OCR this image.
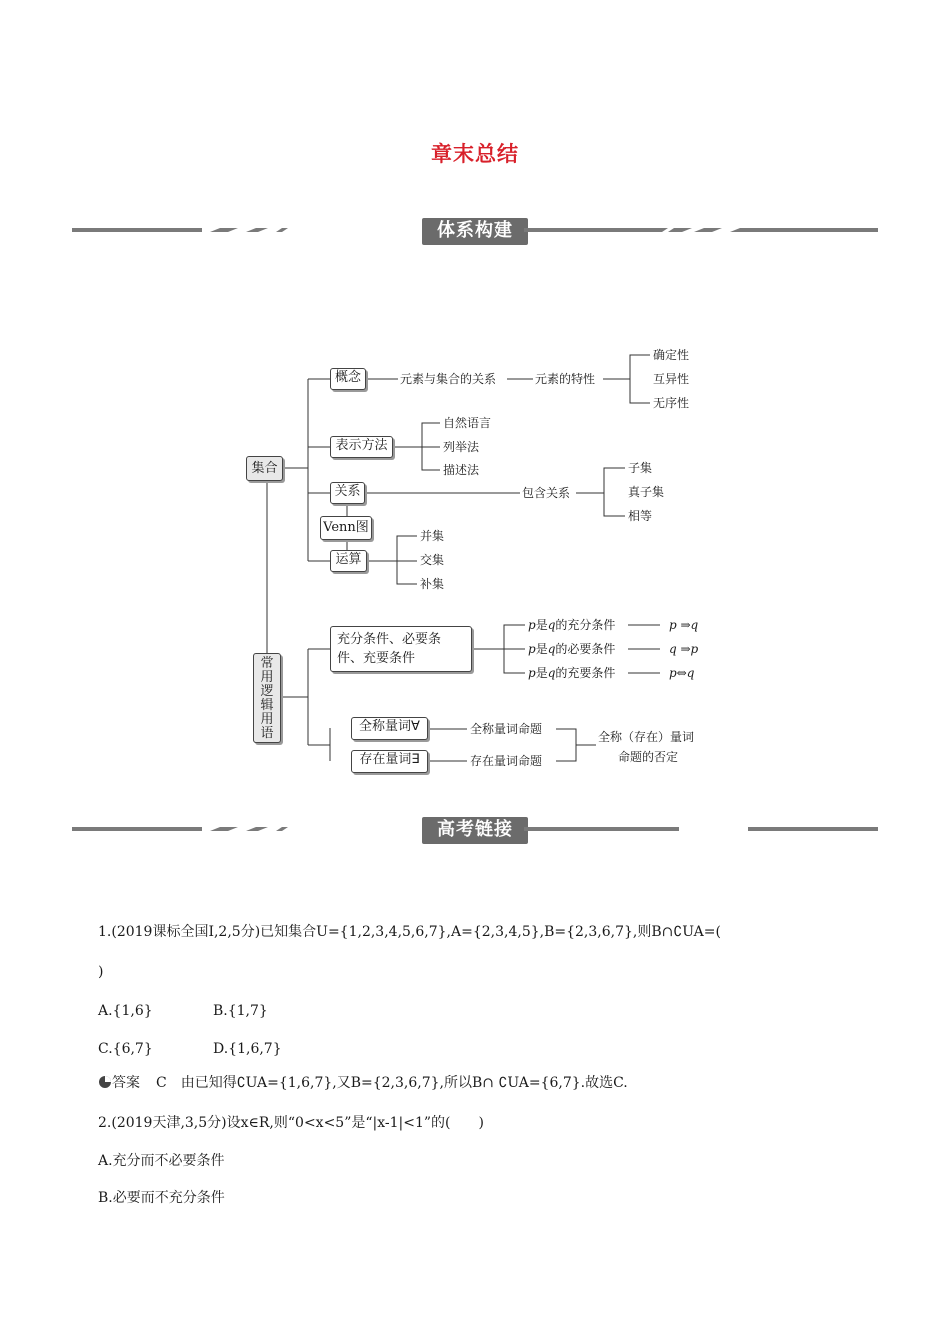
章末总结
体系构建
集合
常
用
逻
辑
用
语
概念	元素与集合的关系	元素的特性
确定性
互异性
无序性
表示方法
自然语言
列举法
描述法
关系	包含关系
子集
真子集
相等
Venn图
运算
并集
交集
补集
充分条件、必要条件、充要条件
p是q的充分条件
p是q的必要条件
p是q的充要条件
p ⇒q
q ⇒p
p⇔q
全称量词∀
存在量词∃
全称量词命题
存在量词命题
全称（存在）量词
命题的否定
高考链接
1.(2019课标全国Ⅰ,2,5分)已知集合U={1,2,3,4,5,6,7},A={2,3,4,5},B={2,3,6,7},则B∩∁UA=(
)
A.{1,6}	B.{1,7}
C.{6,7}	D.{1,6,7}
答案 C　由已知得∁UA={1,6,7},又B={2,3,6,7},所以B∩ ∁UA={6,7}.故选C.
2.(2019天津,3,5分)设x∈R,则“0<x<5”是“|x-1|<1”的(　　)
A.充分而不必要条件
B.必要而不充分条件
